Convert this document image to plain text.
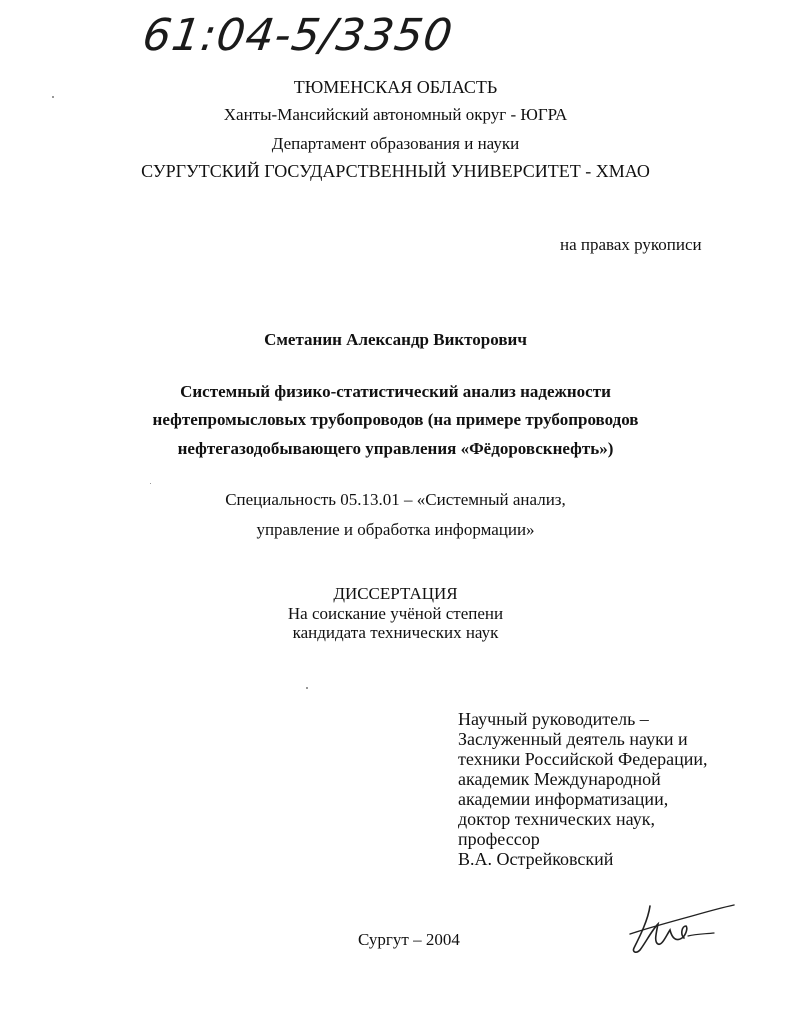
61:04-5/3350
ТЮМЕНСКАЯ ОБЛАСТЬ
Ханты-Мансийский автономный округ - ЮГРА
Департамент образования и науки
СУРГУТСКИЙ ГОСУДАРСТВЕННЫЙ УНИВЕРСИТЕТ - ХМАО
на правах рукописи
Сметанин Александр Викторович
Системный физико-статистический анализ надежности
нефтепромысловых трубопроводов (на примере трубопроводов
нефтегазодобывающего управления «Фёдоровскнефть»)
Специальность 05.13.01 – «Системный анализ,
управление и обработка информации»
ДИССЕРТАЦИЯ
На соискание учёной степени
кандидата технических наук
Научный руководитель –
Заслуженный деятель науки и
техники Российской Федерации,
академик Международной
академии информатизации,
доктор технических наук,
профессор
В.А. Острейковский
Сургут – 2004
